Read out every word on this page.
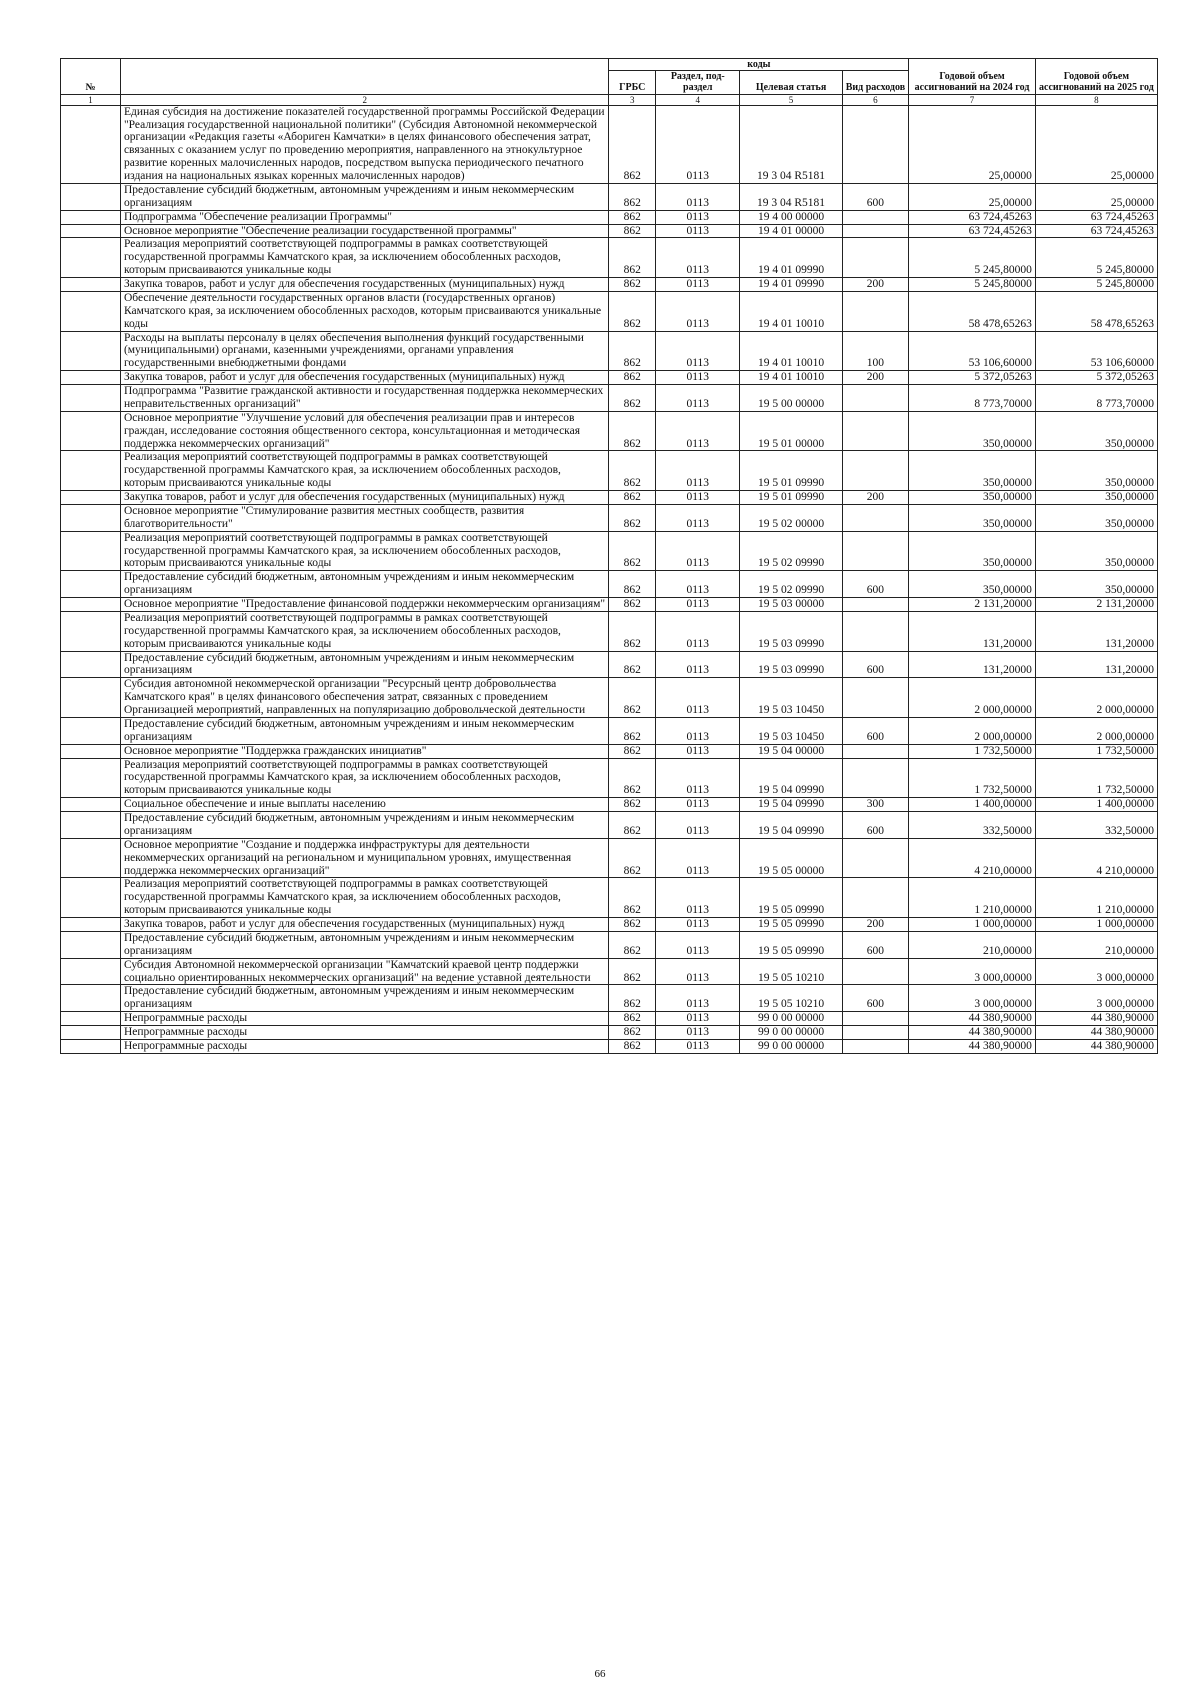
№		коды				Годовой объем ассигнований на 2024 год	Годовой объем ассигнований на 2025 год
		ГРБС	Раздел, под-раздел	Целевая статья	Вид расходов		
1	2	3	4	5	6	7	8
	Единая субсидия на достижение показателей государственной программы Российской Федерации "Реализация государственной национальной политики" (Субсидия Автономной некоммерческой организации «Редакция газеты «Абориген Камчатки» в целях финансового обеспечения затрат, связанных с оказанием услуг по проведению мероприятия, направленного на этнокультурное развитие коренных малочисленных народов, посредством выпуска периодического печатного издания на национальных языках коренных малочисленных народов)	862	0113	19 3 04 R5181		25,00000	25,00000
	Предоставление субсидий бюджетным, автономным учреждениям и иным некоммерческим организациям	862	0113	19 3 04 R5181	600	25,00000	25,00000
	Подпрограмма "Обеспечение реализации Программы"	862	0113	19 4 00 00000		63 724,45263	63 724,45263
	Основное мероприятие "Обеспечение реализации государственной программы"	862	0113	19 4 01 00000		63 724,45263	63 724,45263
	Реализация мероприятий соответствующей подпрограммы в рамках соответствующей государственной программы Камчатского края, за исключением обособленных расходов, которым присваиваются уникальные коды	862	0113	19 4 01 09990		5 245,80000	5 245,80000
	Закупка товаров, работ и услуг для обеспечения государственных (муниципальных) нужд	862	0113	19 4 01 09990	200	5 245,80000	5 245,80000
	Обеспечение деятельности государственных органов власти (государственных органов) Камчатского края, за исключением обособленных расходов, которым присваиваются уникальные коды	862	0113	19 4 01 10010		58 478,65263	58 478,65263
	Расходы на выплаты персоналу в целях обеспечения выполнения функций государственными (муниципальными) органами, казенными учреждениями, органами управления государственными внебюджетными фондами	862	0113	19 4 01 10010	100	53 106,60000	53 106,60000
	Закупка товаров, работ и услуг для обеспечения государственных (муниципальных) нужд	862	0113	19 4 01 10010	200	5 372,05263	5 372,05263
	Подпрограмма "Развитие гражданской активности и государственная поддержка некоммерческих неправительственных организаций"	862	0113	19 5 00 00000		8 773,70000	8 773,70000
	Основное мероприятие "Улучшение условий для обеспечения реализации прав и интересов граждан, исследование состояния общественного сектора, консультационная и методическая поддержка некоммерческих организаций"	862	0113	19 5 01 00000		350,00000	350,00000
	Реализация мероприятий соответствующей подпрограммы в рамках соответствующей государственной программы Камчатского края, за исключением обособленных расходов, которым присваиваются уникальные коды	862	0113	19 5 01 09990		350,00000	350,00000
	Закупка товаров, работ и услуг для обеспечения государственных (муниципальных) нужд	862	0113	19 5 01 09990	200	350,00000	350,00000
	Основное мероприятие "Стимулирование развития местных сообществ, развития благотворительности"	862	0113	19 5 02 00000		350,00000	350,00000
	Реализация мероприятий соответствующей подпрограммы в рамках соответствующей государственной программы Камчатского края, за исключением обособленных расходов, которым присваиваются уникальные коды	862	0113	19 5 02 09990		350,00000	350,00000
	Предоставление субсидий бюджетным, автономным учреждениям и иным некоммерческим организациям	862	0113	19 5 02 09990	600	350,00000	350,00000
	Основное мероприятие "Предоставление финансовой поддержки некоммерческим организациям"	862	0113	19 5 03 00000		2 131,20000	2 131,20000
	Реализация мероприятий соответствующей подпрограммы в рамках соответствующей государственной программы Камчатского края, за исключением обособленных расходов, которым присваиваются уникальные коды	862	0113	19 5 03 09990		131,20000	131,20000
	Предоставление субсидий бюджетным, автономным учреждениям и иным некоммерческим организациям	862	0113	19 5 03 09990	600	131,20000	131,20000
	Субсидия автономной некоммерческой организации "Ресурсный центр добровольчества Камчатского края" в целях финансового обеспечения затрат, связанных с проведением Организацией мероприятий, направленных на популяризацию добровольческой деятельности	862	0113	19 5 03 10450		2 000,00000	2 000,00000
	Предоставление субсидий бюджетным, автономным учреждениям и иным некоммерческим организациям	862	0113	19 5 03 10450	600	2 000,00000	2 000,00000
	Основное мероприятие "Поддержка гражданских инициатив"	862	0113	19 5 04 00000		1 732,50000	1 732,50000
	Реализация мероприятий соответствующей подпрограммы в рамках соответствующей государственной программы Камчатского края, за исключением обособленных расходов, которым присваиваются уникальные коды	862	0113	19 5 04 09990		1 732,50000	1 732,50000
	Социальное обеспечение и иные выплаты населению	862	0113	19 5 04 09990	300	1 400,00000	1 400,00000
	Предоставление субсидий бюджетным, автономным учреждениям и иным некоммерческим организациям	862	0113	19 5 04 09990	600	332,50000	332,50000
	Основное мероприятие "Создание и поддержка инфраструктуры для деятельности некоммерческих организаций на региональном и муниципальном уровнях, имущественная поддержка некоммерческих организаций"	862	0113	19 5 05 00000		4 210,00000	4 210,00000
	Реализация мероприятий соответствующей подпрограммы в рамках соответствующей государственной программы Камчатского края, за исключением обособленных расходов, которым присваиваются уникальные коды	862	0113	19 5 05 09990		1 210,00000	1 210,00000
	Закупка товаров, работ и услуг для обеспечения государственных (муниципальных) нужд	862	0113	19 5 05 09990	200	1 000,00000	1 000,00000
	Предоставление субсидий бюджетным, автономным учреждениям и иным некоммерческим организациям	862	0113	19 5 05 09990	600	210,00000	210,00000
	Субсидия Автономной некоммерческой организации "Камчатский краевой центр поддержки социально ориентированных некоммерческих организаций" на ведение уставной деятельности	862	0113	19 5 05 10210		3 000,00000	3 000,00000
	Предоставление субсидий бюджетным, автономным учреждениям и иным некоммерческим организациям	862	0113	19 5 05 10210	600	3 000,00000	3 000,00000
	Непрограммные расходы	862	0113	99 0 00 00000		44 380,90000	44 380,90000
	Непрограммные расходы	862	0113	99 0 00 00000		44 380,90000	44 380,90000
	Непрограммные расходы	862	0113	99 0 00 00000		44 380,90000	44 380,90000
66
